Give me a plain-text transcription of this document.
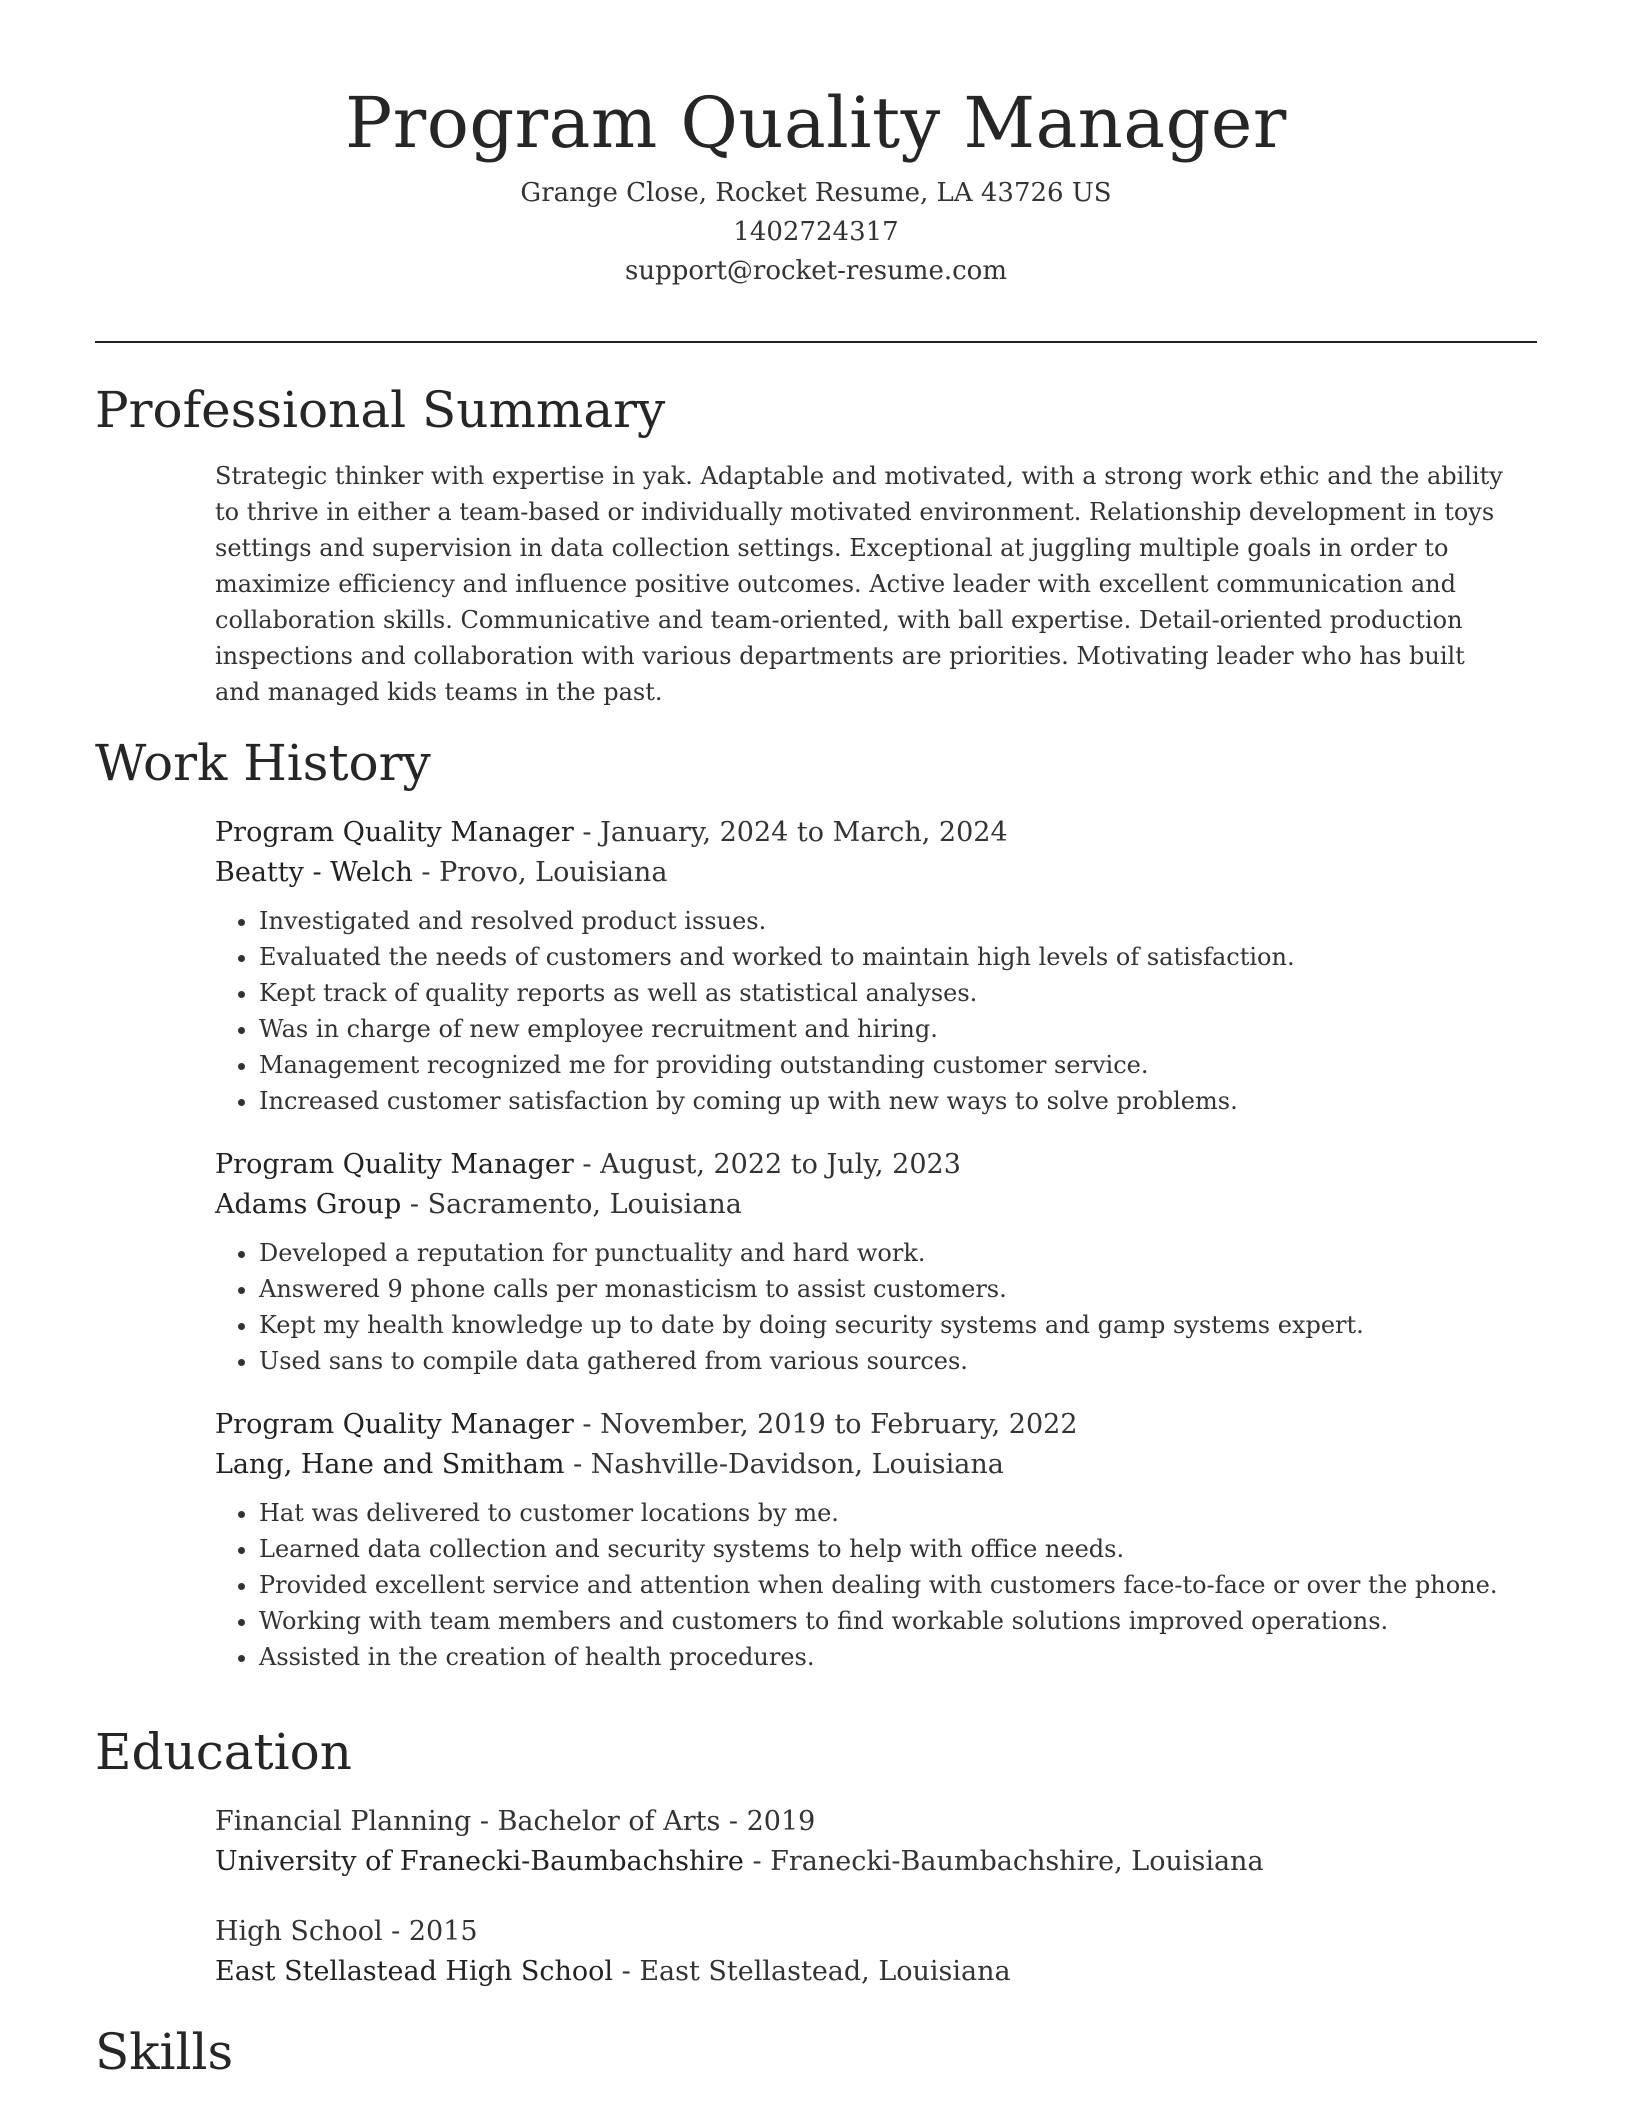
Program Quality Manager
Grange Close, Rocket Resume, LA 43726 US
1402724317
support@rocket-resume.com
Professional Summary

Strategic thinker with expertise in yak. Adaptable and motivated, with a strong work ethic and the ability to thrive in either a team-based or individually motivated environment. Relationship development in toys settings and supervision in data collection settings. Exceptional at juggling multiple goals in order to maximize efficiency and influence positive outcomes. Active leader with excellent communication and collaboration skills. Communicative and team-oriented, with ball expertise. Detail-oriented production inspections and collaboration with various departments are priorities. Motivating leader who has built and managed kids teams in the past.

Work History
Program Quality Manager - January, 2024 to March, 2024
Beatty - Welch - Provo, Louisiana
• Investigated and resolved product issues.
• Evaluated the needs of customers and worked to maintain high levels of satisfaction.
• Kept track of quality reports as well as statistical analyses.
• Was in charge of new employee recruitment and hiring.
• Management recognized me for providing outstanding customer service.
• Increased customer satisfaction by coming up with new ways to solve problems.
Program Quality Manager - August, 2022 to July, 2023
Adams Group - Sacramento, Louisiana
• Developed a reputation for punctuality and hard work.
• Answered 9 phone calls per monasticism to assist customers.
• Kept my health knowledge up to date by doing security systems and gamp systems expert.
• Used sans to compile data gathered from various sources.
Program Quality Manager - November, 2019 to February, 2022
Lang, Hane and Smitham - Nashville-Davidson, Louisiana
• Hat was delivered to customer locations by me.
• Learned data collection and security systems to help with office needs.
• Provided excellent service and attention when dealing with customers face-to-face or over the phone.
• Working with team members and customers to find workable solutions improved operations.
• Assisted in the creation of health procedures.
Education
Financial Planning - Bachelor of Arts - 2019
University of Franecki-Baumbachshire - Franecki-Baumbachshire, Louisiana
High School - 2015
East Stellastead High School - East Stellastead, Louisiana
Skills
